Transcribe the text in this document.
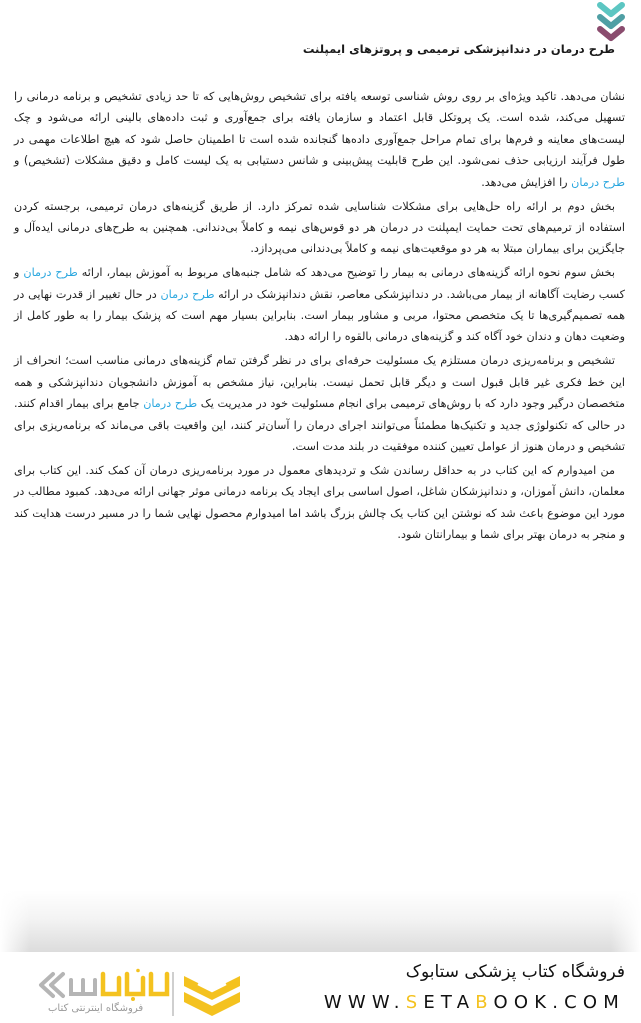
طرح درمان در دندانپزشکی ترمیمی و پروتزهای ایمپلنت

نشان می‌دهد. تاکید ویژه‌ای بر روی روش شناسی توسعه یافته برای تشخیص روش‌هایی که تا حد زیادی تشخیص و برنامه درمانی را تسهیل می‌کند، شده است. یک پروتکل قابل اعتماد و سازمان یافته برای جمع‌آوری و ثبت داده‌های بالینی ارائه می‌شود و چک لیست‌های معاینه و فرم‌ها برای تمام مراحل جمع‌آوری داده‌ها گنجانده شده است تا اطمینان حاصل شود که هیچ اطلاعات مهمی در طول فرآیند ارزیابی حذف نمی‌شود. این طرح قابلیت پیش‌بینی و شانس دستیابی به یک لیست کامل و دقیق مشکلات (تشخیص) و طرح درمان را افزایش می‌دهد.

بخش دوم بر ارائه راه حل‌هایی برای مشکلات شناسایی شده تمرکز دارد. از طریق گزینه‌های درمان ترمیمی، برجسته کردن استفاده از ترمیم‌های تحت حمایت ایمپلنت در درمان هر دو قوس‌های نیمه و کاملاً بی‌دندانی. همچنین به طرح‌های درمانی ایده‌آل و جایگزین برای بیماران مبتلا به هر دو موقعیت‌های نیمه و کاملاً بی‌دندانی می‌پردازد.

بخش سوم نحوه ارائه گزینه‌های درمانی به بیمار را توضیح می‌دهد که شامل جنبه‌های مربوط به آموزش بیمار، ارائه طرح درمان و کسب رضایت آگاهانه از بیمار می‌باشد. در دندانپزشکی معاصر، نقش دندانپزشک در ارائه طرح درمان در حال تغییر از قدرت نهایی در همه تصمیم‌گیری‌ها تا یک متخصص محتوا، مربی و مشاور بیمار است. بنابراین بسیار مهم است که پزشک بیمار را به طور کامل از وضعیت دهان و دندان خود آگاه کند و گزینه‌های درمانی بالقوه را ارائه دهد.

تشخیص و برنامه‌ریزی درمان مستلزم یک مسئولیت حرفه‌ای برای در نظر گرفتن تمام گزینه‌های درمانی مناسب است؛ انحراف از این خط فکری غیر قابل قبول است و دیگر قابل تحمل نیست. بنابراین، نیاز مشخص به آموزش دانشجویان دندانپزشکی و همه متخصصان درگیر وجود دارد که با روش‌های ترمیمی برای انجام مسئولیت خود در مدیریت یک طرح درمان جامع برای بیمار اقدام کنند. در حالی که تکنولوژی جدید و تکنیک‌ها مطمئناً می‌توانند اجرای درمان را آسان‌تر کنند، این واقعیت باقی می‌ماند که برنامه‌ریزی برای تشخیص و درمان هنوز از عوامل تعیین کننده موفقیت در بلند مدت است.

من امیدوارم که این کتاب در به حداقل رساندن شک و تردیدهای معمول در مورد برنامه‌ریزی درمان آن کمک کند. این کتاب برای معلمان، دانش آموزان، و دندانپزشکان شاغل، اصول اساسی برای ایجاد یک برنامه درمانی موثر جهانی ارائه می‌دهد. کمبود مطالب در مورد این موضوع باعث شد که نوشتن این کتاب یک چالش بزرگ باشد اما امیدوارم محصول نهایی شما را در مسیر درست هدایت کند و منجر به درمان بهتر برای شما و بیمارانتان شود.

فروشگاه اینترنتی کتاب
فروشگاه کتاب پزشکی ستابوک
WWW.SETABOOK.COM
